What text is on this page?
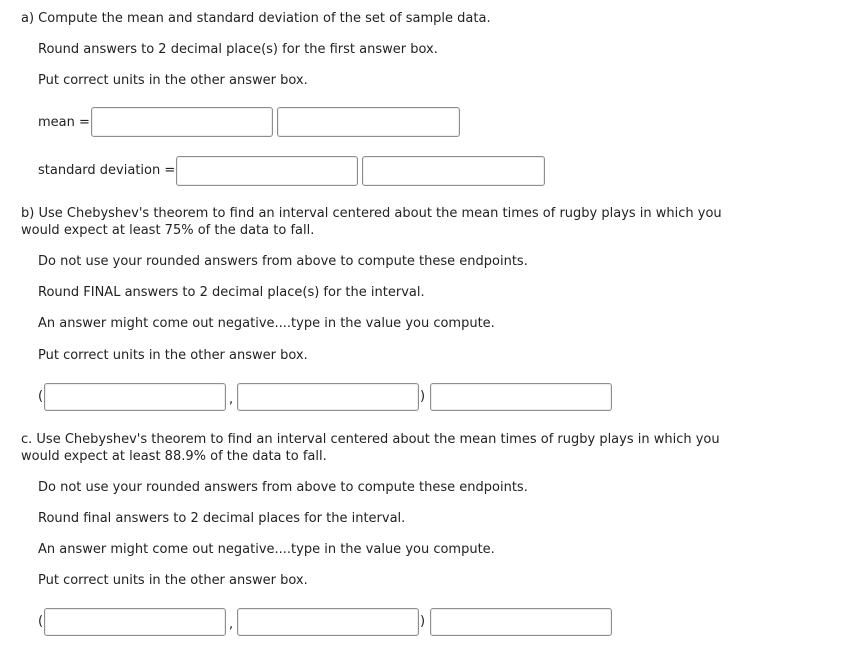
a) Compute the mean and standard deviation of the set of sample data.
Round answers to 2 decimal place(s) for the first answer box.
Put correct units in the other answer box.
mean =
standard deviation =
b) Use Chebyshev's theorem to find an interval centered about the mean times of rugby plays in which you would expect at least 75% of the data to fall.
Do not use your rounded answers from above to compute these endpoints.
Round FINAL answers to 2 decimal place(s) for the interval.
An answer might come out negative....type in the value you compute.
Put correct units in the other answer box.
(	,	)
c. Use Chebyshev's theorem to find an interval centered about the mean times of rugby plays in which you would expect at least 88.9% of the data to fall.
Do not use your rounded answers from above to compute these endpoints.
Round final answers to 2 decimal places for the interval.
An answer might come out negative....type in the value you compute.
Put correct units in the other answer box.
(	,	)
